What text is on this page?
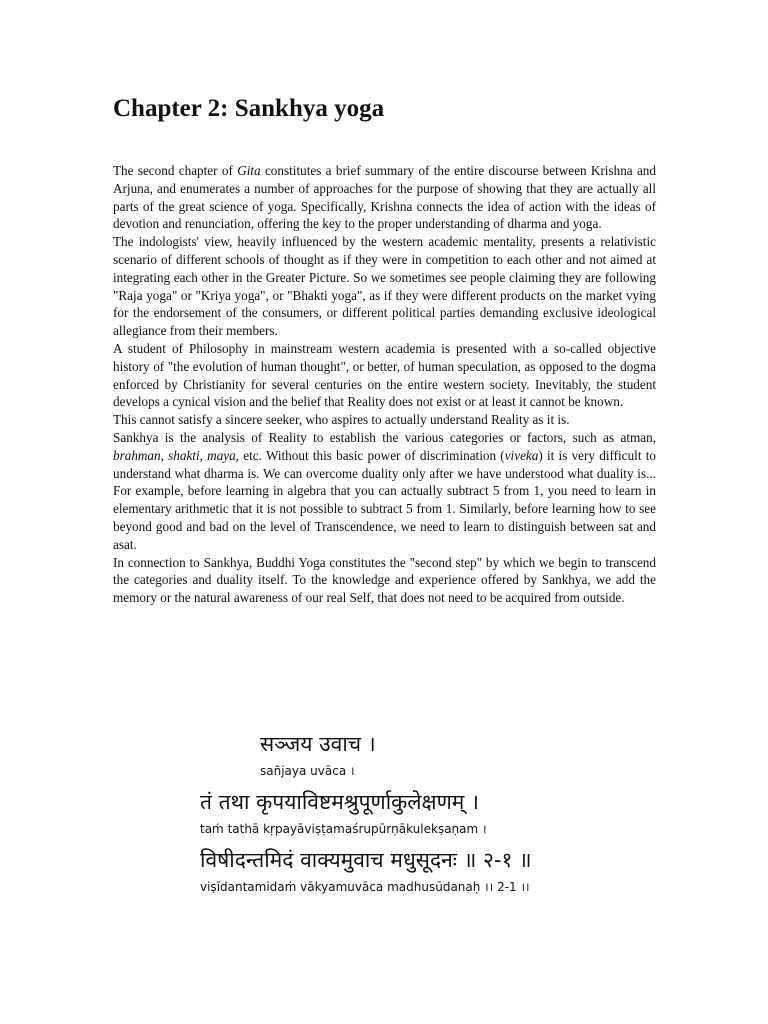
Chapter 2: Sankhya yoga

The second chapter of Gita constitutes a brief summary of the entire discourse between Krishna and Arjuna, and enumerates a number of approaches for the purpose of showing that they are actually all parts of the great science of yoga. Specifically, Krishna connects the idea of action with the ideas of devotion and renunciation, offering the key to the proper understanding of dharma and yoga.

The indologists' view, heavily influenced by the western academic mentality, presents a relativistic scenario of different schools of thought as if they were in competition to each other and not aimed at integrating each other in the Greater Picture. So we sometimes see people claiming they are following "Raja yoga" or "Kriya yoga", or "Bhakti yoga", as if they were different products on the market vying for the endorsement of the consumers, or different political parties demanding exclusive ideological allegiance from their members.

A student of Philosophy in mainstream western academia is presented with a so-called objective history of "the evolution of human thought", or better, of human speculation, as opposed to the dogma enforced by Christianity for several centuries on the entire western society. Inevitably, the student develops a cynical vision and the belief that Reality does not exist or at least it cannot be known.

This cannot satisfy a sincere seeker, who aspires to actually understand Reality as it is.

Sankhya is the analysis of Reality to establish the various categories or factors, such as atman, brahman, shakti, maya, etc. Without this basic power of discrimination (viveka) it is very difficult to understand what dharma is. We can overcome duality only after we have understood what duality is... For example, before learning in algebra that you can actually subtract 5 from 1, you need to learn in elementary arithmetic that it is not possible to subtract 5 from 1. Similarly, before learning how to see beyond good and bad on the level of Transcendence, we need to learn to distinguish between sat and asat.

In connection to Sankhya, Buddhi Yoga constitutes the "second step" by which we begin to transcend the categories and duality itself. To the knowledge and experience offered by Sankhya, we add the memory or the natural awareness of our real Self, that does not need to be acquired from outside.

सञ्जय उवाच ।
sañjaya uvāca ।
तं तथा कृपयाविष्टमश्रुपूर्णाकुलेक्षणम् ।
taṁ tathā kṛpayāviṣṭamaśrupūrṇākulekṣaṇam ।
विषीदन्तमिदं वाक्यमुवाच मधुसूदनः ॥ २-१ ॥
viṣīdantamidaṁ vākyamuvāca madhusūdanaḥ ।। 2-1 ।।
